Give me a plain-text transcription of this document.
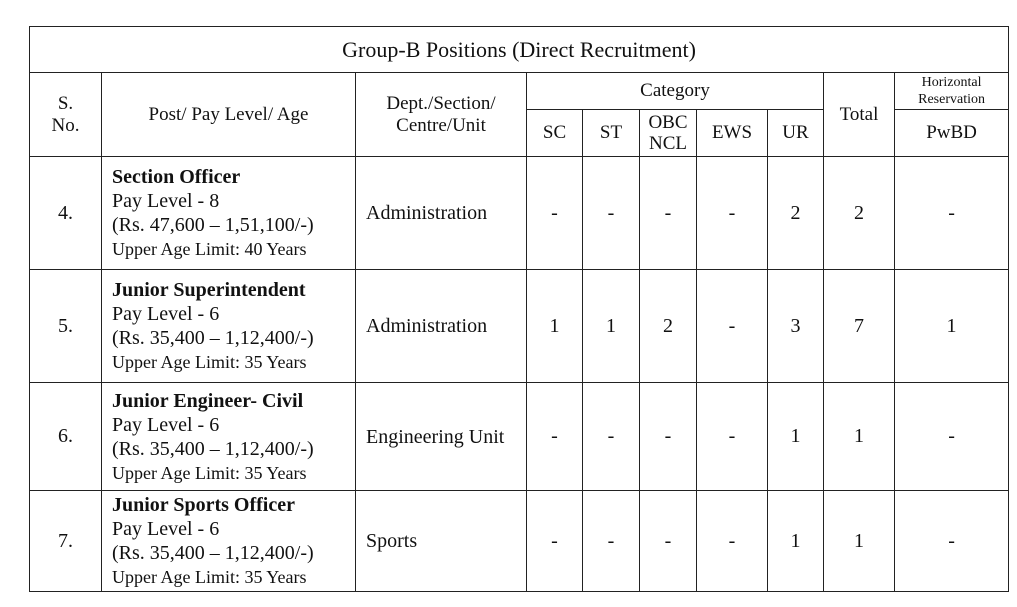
Group-B Positions (Direct Recruitment)									
S. No.	Post/ Pay Level/ Age	Dept./Section/ Centre/Unit	Category					Total	Horizontal Reservation
			SC	ST	OBC NCL	EWS	UR		PwBD
4.	Section Officer
Pay Level - 8
(Rs. 47,600 – 1,51,100/-)
Upper Age Limit: 40 Years	Administration	-	-	-	-	2	2	-
5.	Junior Superintendent
Pay Level - 6
(Rs. 35,400 – 1,12,400/-)
Upper Age Limit: 35 Years	Administration	1	1	2	-	3	7	1
6.	Junior Engineer- Civil
Pay Level - 6
(Rs. 35,400 – 1,12,400/-)
Upper Age Limit: 35 Years	Engineering Unit	-	-	-	-	1	1	-
7.	Junior Sports Officer
Pay Level - 6
(Rs. 35,400 – 1,12,400/-)
Upper Age Limit: 35 Years	Sports	-	-	-	-	1	1	-
